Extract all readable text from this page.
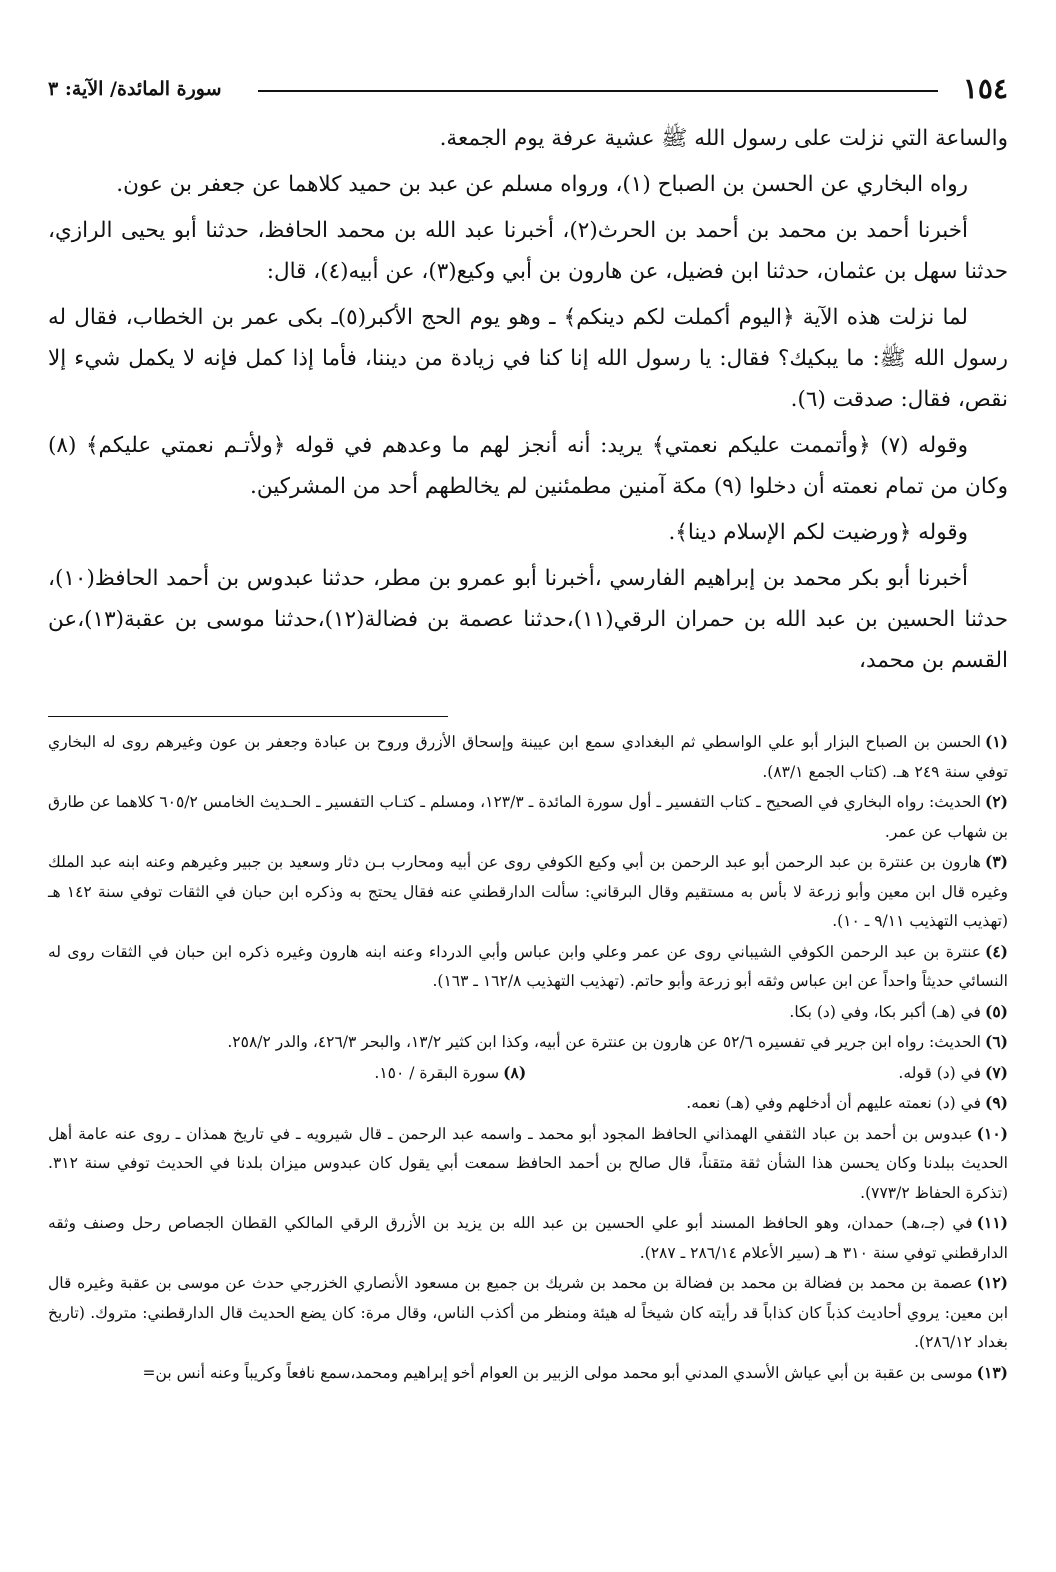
١٥٤
سورة المائدة/ الآية: ٣

والساعة التي نزلت على رسول الله ﷺ عشية عرفة يوم الجمعة.

رواه البخاري عن الحسن بن الصباح (١)، ورواه مسلم عن عبد بن حميد كلاهما عن جعفر بن عون.

أخبرنا أحمد بن محمد بن أحمد بن الحرث(٢)، أخبرنا عبد الله بن محمد الحافظ، حدثنا أبو يحيى الرازي، حدثنا سهل بن عثمان، حدثنا ابن فضيل، عن هارون بن أبي وكيع(٣)، عن أبيه(٤)، قال:

لما نزلت هذه الآية ﴿اليوم أكملت لكم دينكم﴾ ـ وهو يوم الحج الأكبر(٥)ـ بكى عمر بن الخطاب، فقال له رسول الله ﷺ: ما يبكيك؟ فقال: يا رسول الله إنا كنا في زيادة من ديننا، فأما إذا كمل فإنه لا يكمل شيء إلا نقص، فقال: صدقت (٦).

وقوله (٧) ﴿وأتممت عليكم نعمتي﴾ يريد: أنه أنجز لهم ما وعدهم في قوله ﴿ولأتـم نعمتي عليكم﴾ (٨) وكان من تمام نعمته أن دخلوا (٩) مكة آمنين مطمئنين لم يخالطهم أحد من المشركين.

وقوله ﴿ورضيت لكم الإسلام دينا﴾.

أخبرنا أبو بكر محمد بن إبراهيم الفارسي ،أخبرنا أبو عمرو بن مطر، حدثنا عبدوس بن أحمد الحافظ(١٠)، حدثنا الحسين بن عبد الله بن حمران الرقي(١١)،حدثنا عصمة بن فضالة(١٢)،حدثنا موسى بن عقبة(١٣)،عن القسم بن محمد،

(١)الحسن بن الصباح البزار أبو علي الواسطي ثم البغدادي سمع ابن عيينة وإسحاق الأزرق وروح بن عبادة وجعفر بن عون وغيرهم روى له البخاري توفي سنة ٢٤٩ هـ. (كتاب الجمع ٨٣/١).

(٢)الحديث: رواه البخاري في الصحيح ـ كتاب التفسير ـ أول سورة المائدة ـ ١٢٣/٣، ومسلم ـ كتـاب التفسير ـ الحـديث الخامس ٦٠٥/٢ كلاهما عن طارق بن شهاب عن عمر.

(٣)هارون بن عنترة بن عبد الرحمن أبو عبد الرحمن بن أبي وكيع الكوفي روى عن أبيه ومحارب بـن دثار وسعيد بن جبير وغيرهم وعنه ابنه عبد الملك وغيره قال ابن معين وأبو زرعة لا بأس به مستقيم وقال البرقاني: سألت الدارقطني عنه فقال يحتج به وذكره ابن حبان في الثقات توفي سنة ١٤٢ هـ (تهذيب التهذيب ٩/١١ ـ ١٠).

(٤)عنترة بن عبد الرحمن الكوفي الشيباني روى عن عمر وعلي وابن عباس وأبي الدرداء وعنه ابنه هارون وغيره ذكره ابن حبان في الثقات روى له النسائي حديثاً واحداً عن ابن عباس وثقه أبو زرعة وأبو حاتم. (تهذيب التهذيب ١٦٢/٨ ـ ١٦٣).

(٥)في (هـ) أكبر بكا، وفي (د) بكا.

(٦)الحديث: رواه ابن جرير في تفسيره ٥٢/٦ عن هارون بن عنترة عن أبيه، وكذا ابن كثير ١٣/٢، والبحر ٤٢٦/٣، والدر ٢٥٨/٢.

(٧)في (د) قوله.
(٨)سورة البقرة / ١٥٠.

(٩)في (د) نعمته عليهم أن أدخلهم وفي (هـ) نعمه.

(١٠)عبدوس بن أحمد بن عباد الثقفي الهمذاني الحافظ المجود أبو محمد ـ واسمه عبد الرحمن ـ قال شيرويه ـ في تاريخ همذان ـ روى عنه عامة أهل الحديث ببلدنا وكان يحسن هذا الشأن ثقة متقناً، قال صالح بن أحمد الحافظ سمعت أبي يقول كان عبدوس ميزان بلدنا في الحديث توفي سنة ٣١٢. (تذكرة الحفاظ ٧٧٣/٢).

(١١)في (جـ،هـ) حمدان، وهو الحافظ المسند أبو علي الحسين بن عبد الله بن يزيد بن الأزرق الرقي المالكي القطان الجصاص رحل وصنف وثقه الدارقطني توفي سنة ٣١٠ هـ (سير الأعلام ٢٨٦/١٤ ـ ٢٨٧).

(١٢)عصمة بن محمد بن فضالة بن محمد بن فضالة بن محمد بن شريك بن جميع بن مسعود الأنصاري الخزرجي حدث عن موسى بن عقبة وغيره قال ابن معين: يروي أحاديث كذباً كان كذاباً قد رأيته كان شيخاً له هيئة ومنظر من أكذب الناس، وقال مرة: كان يضع الحديث قال الدارقطني: متروك. (تاريخ بغداد ٢٨٦/١٢).

(١٣)موسى بن عقبة بن أبي عياش الأسدي المدني أبو محمد مولى الزبير بن العوام أخو إبراهيم ومحمد،سمع نافعاً وكريباً وعنه أنس بن=
